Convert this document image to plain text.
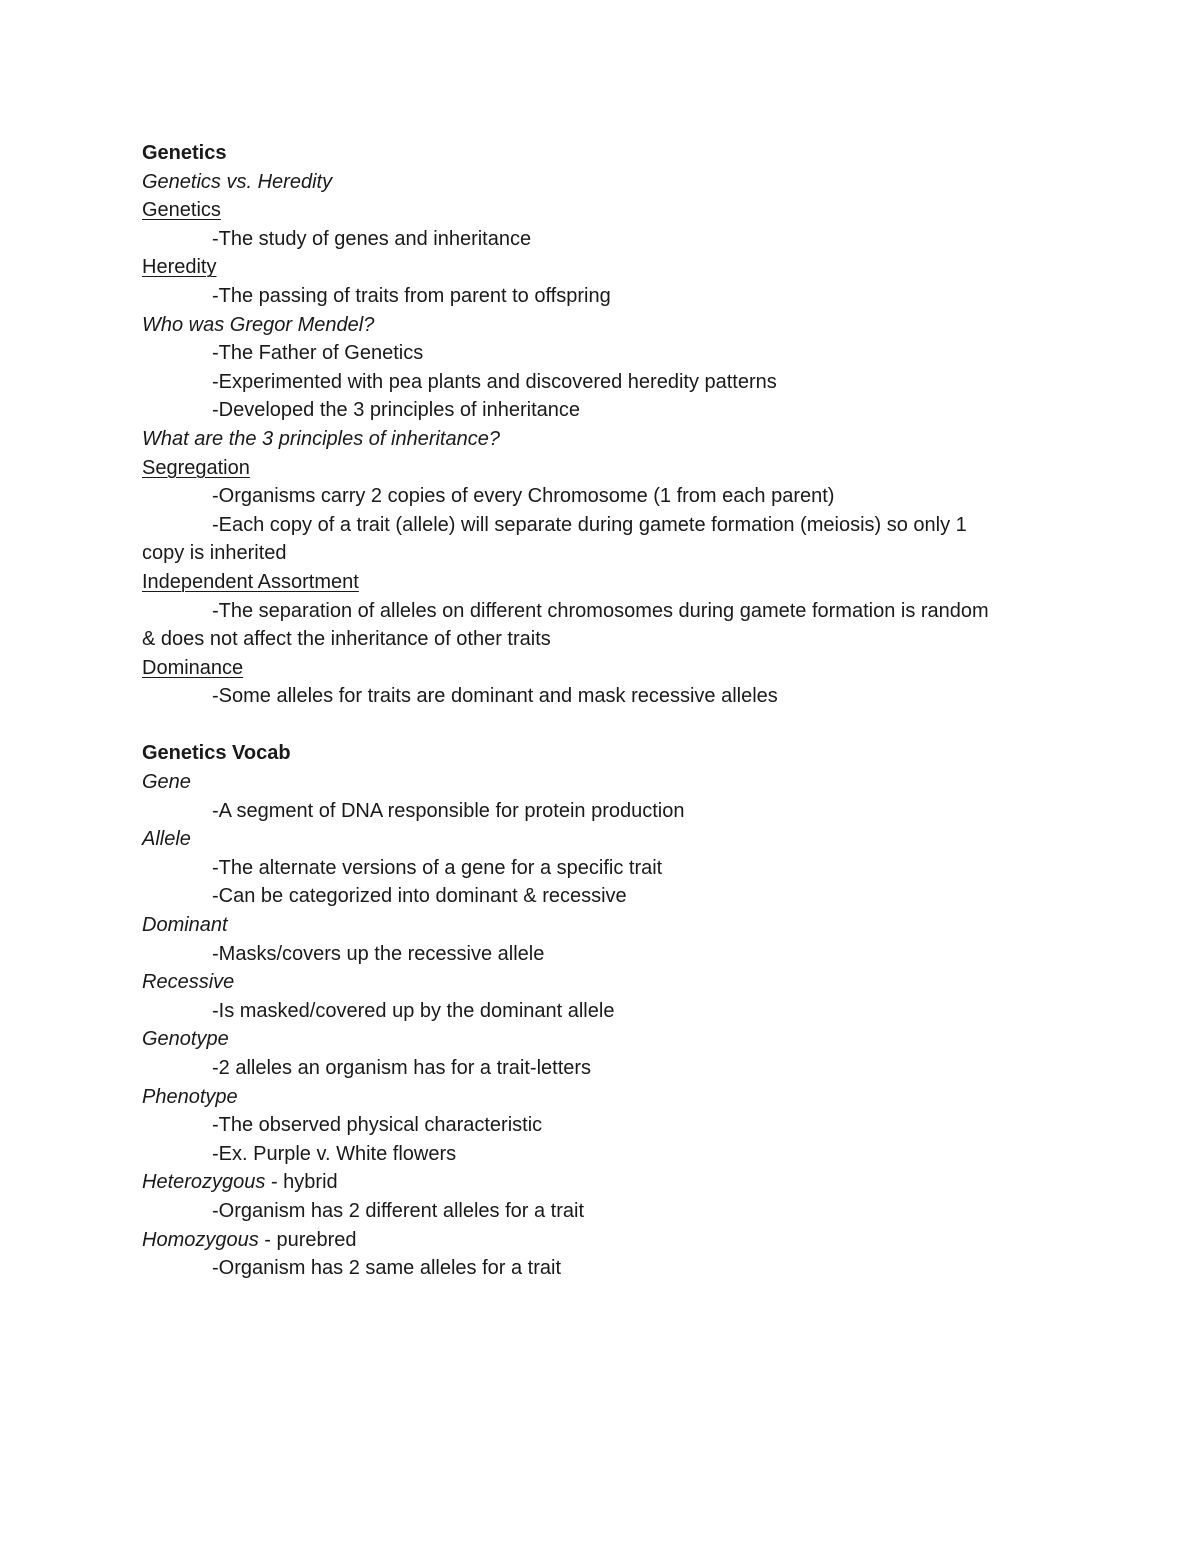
Genetics
Genetics vs. Heredity
Genetics
-The study of genes and inheritance
Heredity
-The passing of traits from parent to offspring
Who was Gregor Mendel?
-The Father of Genetics
-Experimented with pea plants and discovered heredity patterns
-Developed the 3 principles of inheritance
What are the 3 principles of inheritance?
Segregation
-Organisms carry 2 copies of every Chromosome (1 from each parent)
-Each copy of a trait (allele) will separate during gamete formation (meiosis) so only 1
copy is inherited
Independent Assortment
-The separation of alleles on different chromosomes during gamete formation is random
& does not affect the inheritance of other traits
Dominance
-Some alleles for traits are dominant and mask recessive alleles
Genetics Vocab
Gene
-A segment of DNA responsible for protein production
Allele
-The alternate versions of a gene for a specific trait
-Can be categorized into dominant & recessive
Dominant
-Masks/covers up the recessive allele
Recessive
-Is masked/covered up by the dominant allele
Genotype
-2 alleles an organism has for a trait-letters
Phenotype
-The observed physical characteristic
-Ex. Purple v. White flowers
Heterozygous - hybrid
-Organism has 2 different alleles for a trait
Homozygous - purebred
-Organism has 2 same alleles for a trait
